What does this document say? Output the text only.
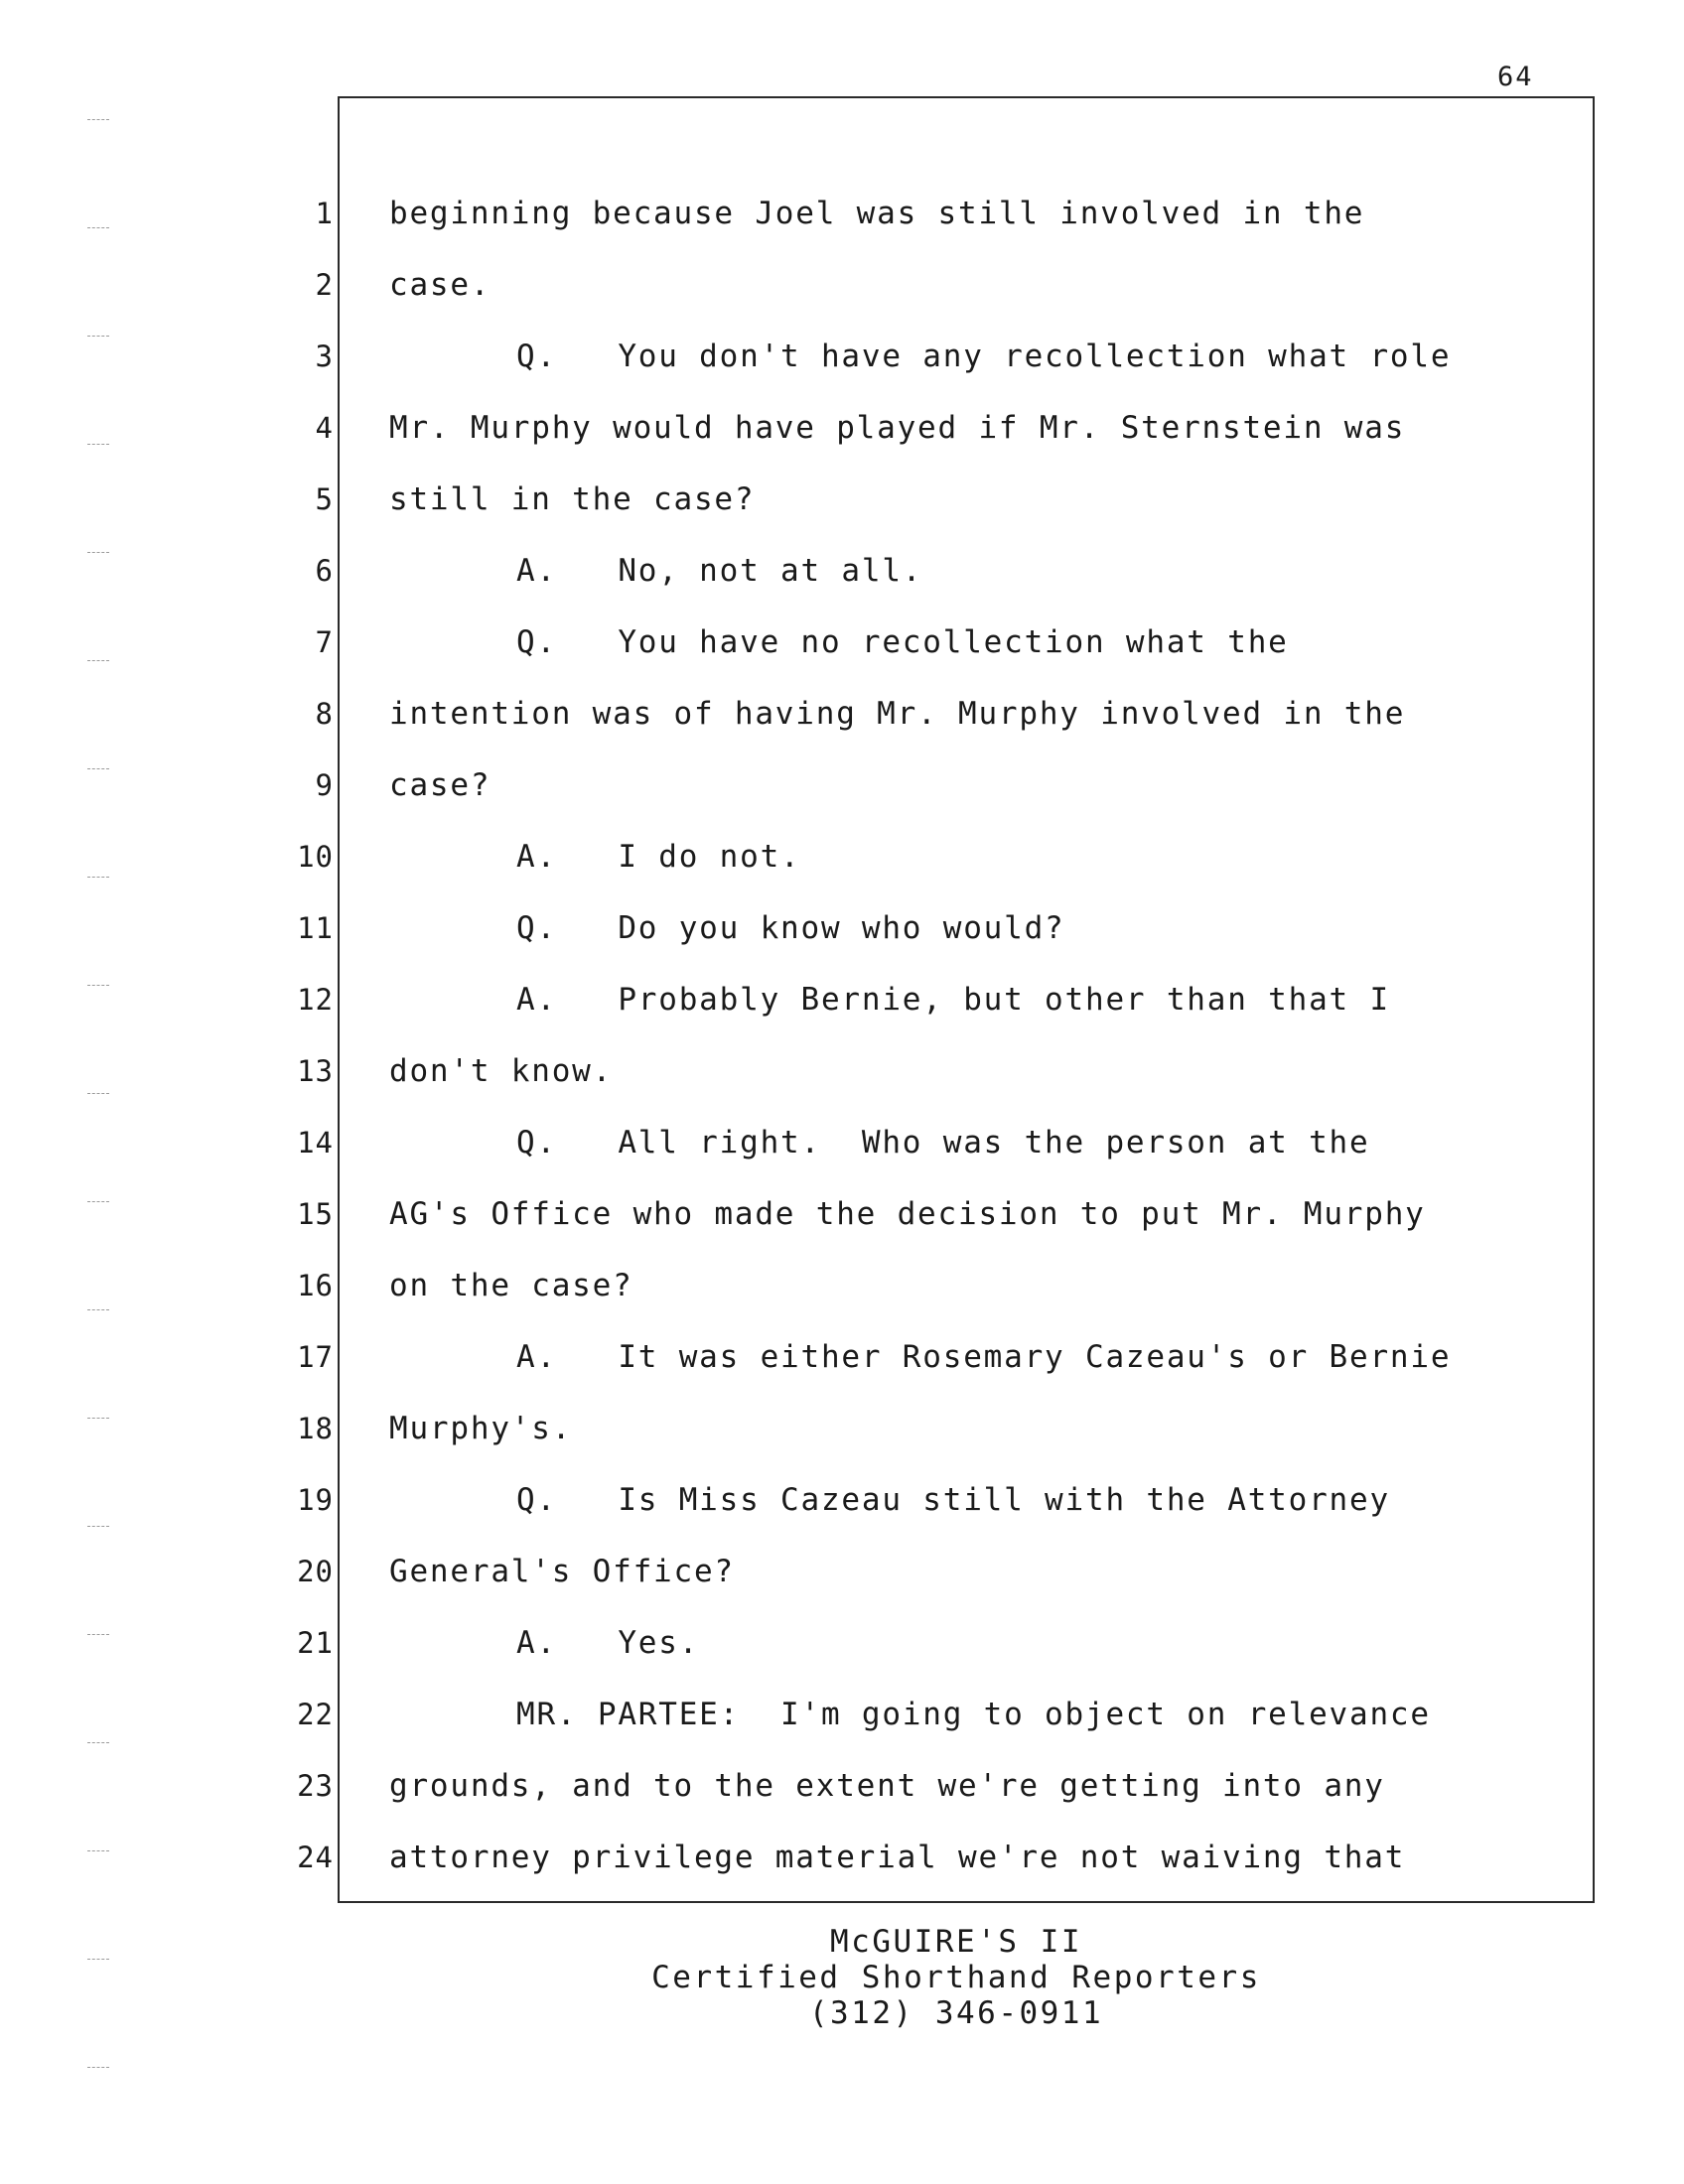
64
1 beginning because Joel was still involved in the
2 case.
3	Q.   You don't have any recollection what role
4 Mr. Murphy would have played if Mr. Sternstein was
5 still in the case?
6	A.   No, not at all.
7	Q.   You have no recollection what the
8 intention was of having Mr. Murphy involved in the
9 case?
10	A.   I do not.
11	Q.   Do you know who would?
12	A.   Probably Bernie, but other than that I
13 don't know.
14	Q.   All right.  Who was the person at the
15 AG's Office who made the decision to put Mr. Murphy
16 on the case?
17	A.   It was either Rosemary Cazeau's or Bernie
18 Murphy's.
19	Q.   Is Miss Cazeau still with the Attorney
20 General's Office?
21	A.   Yes.
22	MR. PARTEE:  I'm going to object on relevance
23 grounds, and to the extent we're getting into any
24 attorney privilege material we're not waiving that
McGUIRE'S II
Certified Shorthand Reporters
(312) 346-0911
